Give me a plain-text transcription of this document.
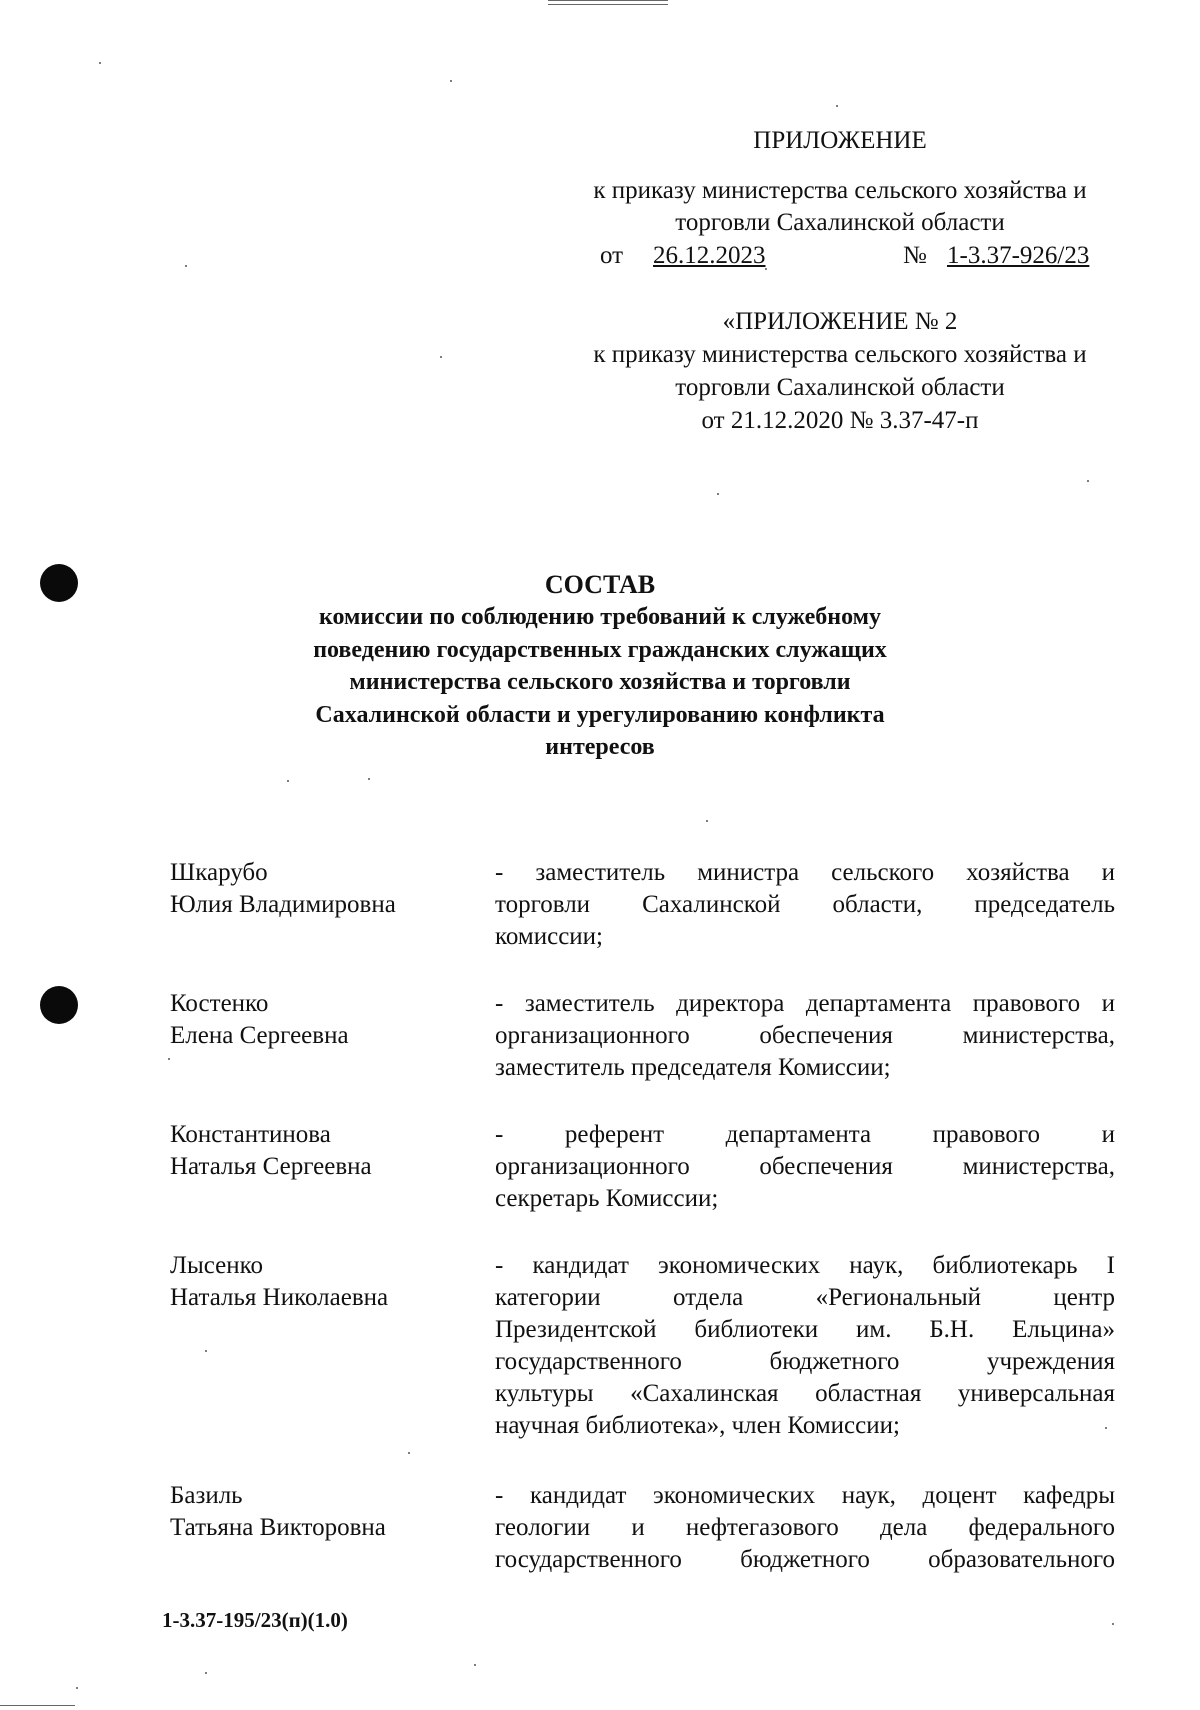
ПРИЛОЖЕНИЕ
к приказу министерства сельского хозяйства и
торговли Сахалинской области
от 26.12.2023	№ 1-3.37-926/23
«ПРИЛОЖЕНИЕ № 2
к приказу министерства сельского хозяйства и
торговли Сахалинской области
от 21.12.2020 № 3.37-47-п
СОСТАВ
комиссии по соблюдению требований к служебному
поведению государственных гражданских служащих
министерства сельского хозяйства и торговли
Сахалинской области и урегулированию конфликта
интересов
Шкарубо
Юлия Владимировна
- заместитель министра сельского хозяйства и
торговли Сахалинской области, председатель
комиссии;
Костенко
Елена Сергеевна
- заместитель директора департамента правового и
организационного обеспечения министерства,
заместитель председателя Комиссии;
Константинова
Наталья Сергеевна
- референт департамента правового и
организационного обеспечения министерства,
секретарь Комиссии;
Лысенко
Наталья Николаевна
- кандидат экономических наук, библиотекарь I
категории отдела «Региональный центр
Президентской библиотеки им. Б.Н. Ельцина»
государственного бюджетного учреждения
культуры «Сахалинская областная универсальная
научная библиотека», член Комиссии;
Базиль
Татьяна Викторовна
- кандидат экономических наук, доцент кафедры
геологии и нефтегазового дела федерального
государственного бюджетного образовательного
1-3.37-195/23(п)(1.0)
